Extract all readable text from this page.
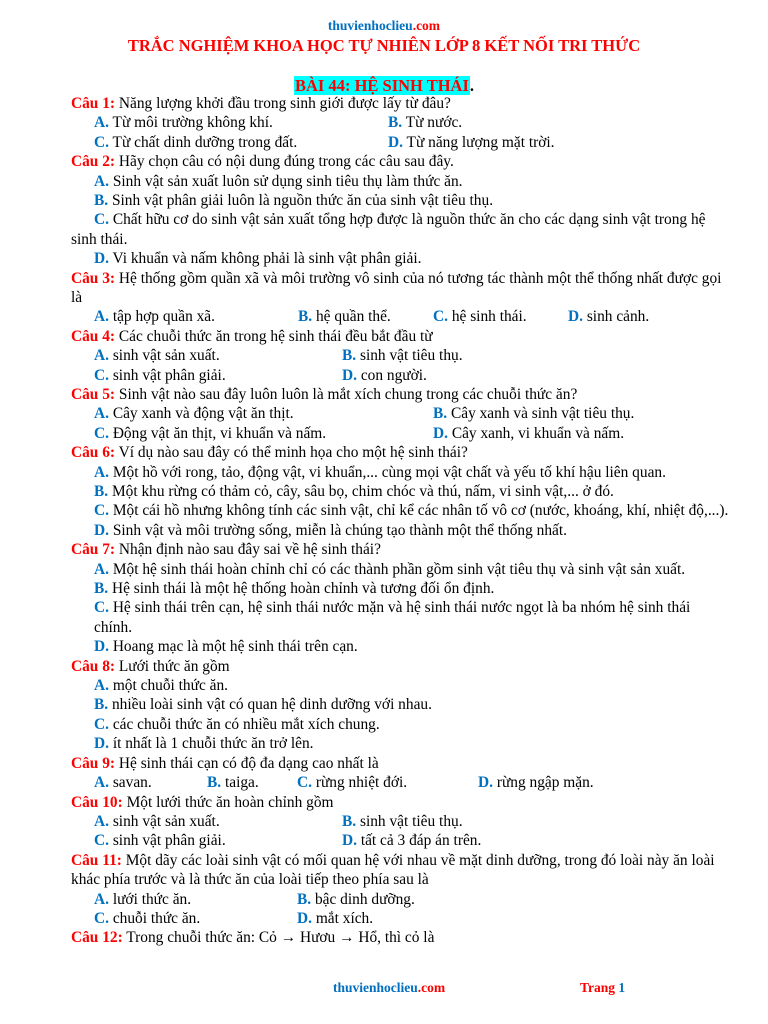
thuvienhoclieu.com
TRẮC NGHIỆM KHOA HỌC TỰ NHIÊN LỚP 8 KẾT NỐI TRI THỨC
BÀI 44: HỆ SINH THÁI.
Câu 1: Năng lượng khởi đầu trong sinh giới được lấy từ đâu?
A. Từ môi trường không khí.	B. Từ nước.
C. Từ chất dinh dưỡng trong đất.	D. Từ năng lượng mặt trời.
Câu 2: Hãy chọn câu có nội dung đúng trong các câu sau đây.
A. Sinh vật sản xuất luôn sử dụng sinh tiêu thụ làm thức ăn.
B. Sinh vật phân giải luôn là nguồn thức ăn của sinh vật tiêu thụ.
C. Chất hữu cơ do sinh vật sản xuất tổng hợp được là nguồn thức ăn cho các dạng sinh vật trong hệ sinh thái.
D. Vi khuẩn và nấm không phải là sinh vật phân giải.
Câu 3: Hệ thống gồm quần xã và môi trường vô sinh của nó tương tác thành một thể thống nhất được gọi là
A. tập hợp quần xã.	B. hệ quần thể.	C. hệ sinh thái.	D. sinh cảnh.
Câu 4: Các chuỗi thức ăn trong hệ sinh thái đều bắt đầu từ
A. sinh vật sản xuất.	B. sinh vật tiêu thụ.
C. sinh vật phân giải.	D. con người.
Câu 5: Sinh vật nào sau đây luôn luôn là mắt xích chung trong các chuỗi thức ăn?
A. Cây xanh và động vật ăn thịt.	B. Cây xanh và sinh vật tiêu thụ.
C. Động vật ăn thịt, vi khuẩn và nấm.	D. Cây xanh, vi khuẩn và nấm.
Câu 6: Ví dụ nào sau đây có thể minh họa cho một hệ sinh thái?
A. Một hồ với rong, tảo, động vật, vi khuẩn,... cùng mọi vật chất và yếu tố khí hậu liên quan.
B. Một khu rừng có thảm cỏ, cây, sâu bọ, chim chóc và thú, nấm, vi sinh vật,... ở đó.
C. Một cái hồ nhưng không tính các sinh vật, chỉ kể các nhân tố vô cơ (nước, khoáng, khí, nhiệt độ,...).
D. Sinh vật và môi trường sống, miễn là chúng tạo thành một thể thống nhất.
Câu 7: Nhận định nào sau đây sai về hệ sinh thái?
A. Một hệ sinh thái hoàn chỉnh chỉ có các thành phần gồm sinh vật tiêu thụ và sinh vật sản xuất.
B. Hệ sinh thái là một hệ thống hoàn chỉnh và tương đối ổn định.
C. Hệ sinh thái trên cạn, hệ sinh thái nước mặn và hệ sinh thái nước ngọt là ba nhóm hệ sinh thái chính.
D. Hoang mạc là một hệ sinh thái trên cạn.
Câu 8: Lưới thức ăn gồm
A. một chuỗi thức ăn.
B. nhiều loài sinh vật có quan hệ dinh dưỡng với nhau.
C. các chuỗi thức ăn có nhiều mắt xích chung.
D. ít nhất là 1 chuỗi thức ăn trở lên.
Câu 9: Hệ sinh thái cạn có độ đa dạng cao nhất là
A. savan.	B. taiga. C. rừng nhiệt đới.	D. rừng ngập mặn.
Câu 10: Một lưới thức ăn hoàn chỉnh gồm
A. sinh vật sản xuất.	B. sinh vật tiêu thụ.
C. sinh vật phân giải.	D. tất cả 3 đáp án trên.
Câu 11: Một dãy các loài sinh vật có mối quan hệ với nhau về mặt dinh dưỡng, trong đó loài này ăn loài khác phía trước và là thức ăn của loài tiếp theo phía sau là
A. lưới thức ăn.	B. bậc dinh dưỡng.
C. chuỗi thức ăn.	D. mắt xích.
Câu 12: Trong chuỗi thức ăn: Cỏ → Hươu → Hổ, thì cỏ là
thuvienhoclieu.com	Trang 1
